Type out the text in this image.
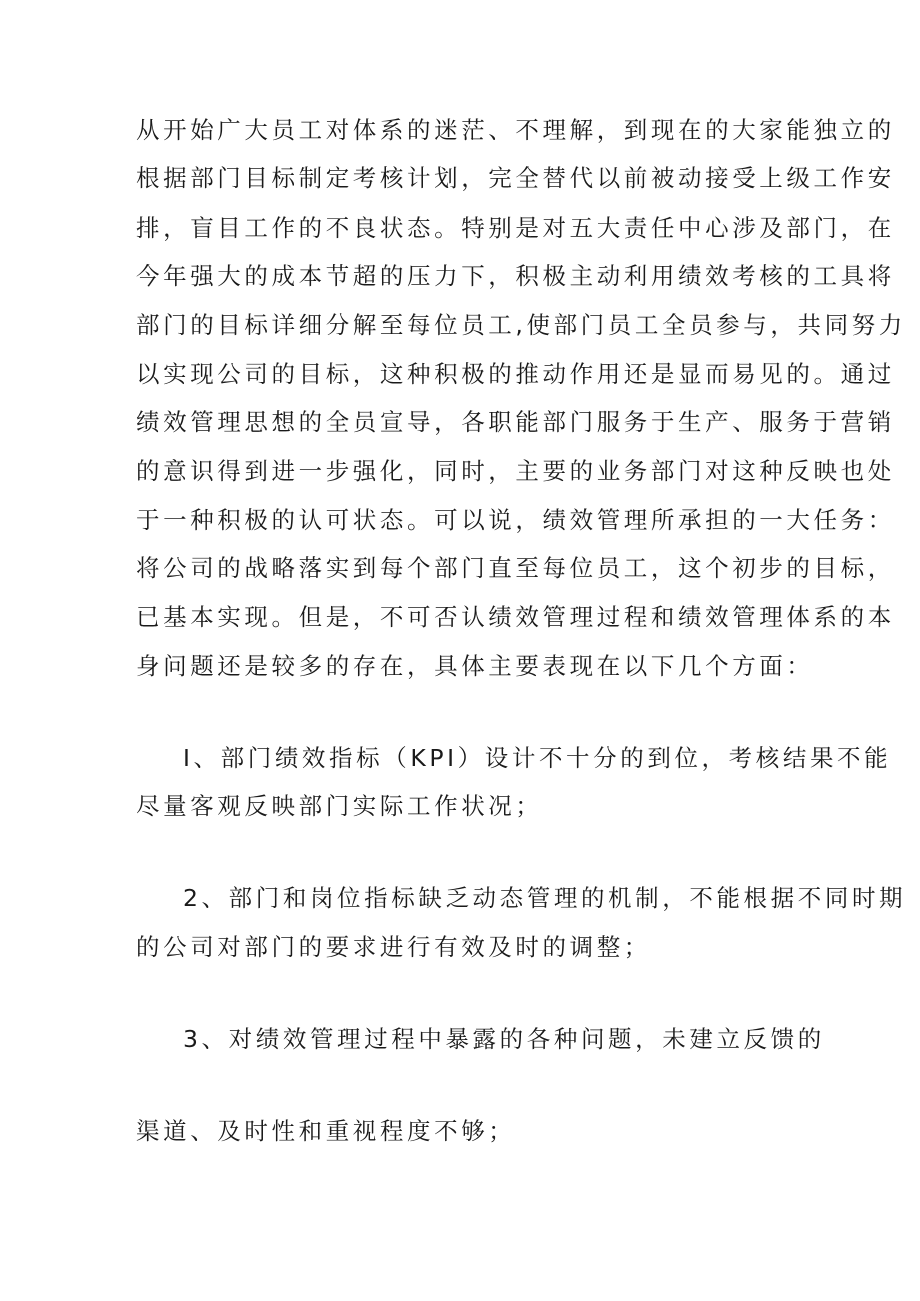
从开始广大员工对体系的迷茫、不理解，到现在的大家能独立的
根据部门目标制定考核计划，完全替代以前被动接受上级工作安
排，盲目工作的不良状态。特别是对五大责任中心涉及部门，在
今年强大的成本节超的压力下，积极主动利用绩效考核的工具将
部门的目标详细分解至每位员工,使部门员工全员参与，共同努力
以实现公司的目标，这种积极的推动作用还是显而易见的。通过
绩效管理思想的全员宣导，各职能部门服务于生产、服务于营销
的意识得到进一步强化，同时，主要的业务部门对这种反映也处
于一种积极的认可状态。可以说，绩效管理所承担的一大任务：
将公司的战略落实到每个部门直至每位员工，这个初步的目标，
已基本实现。但是，不可否认绩效管理过程和绩效管理体系的本
身问题还是较多的存在，具体主要表现在以下几个方面：
I、部门绩效指标（KPI）设计不十分的到位，考核结果不能
尽量客观反映部门实际工作状况；
2、部门和岗位指标缺乏动态管理的机制，不能根据不同时期
的公司对部门的要求进行有效及时的调整；
3、对绩效管理过程中暴露的各种问题，未建立反馈的
渠道、及时性和重视程度不够；
